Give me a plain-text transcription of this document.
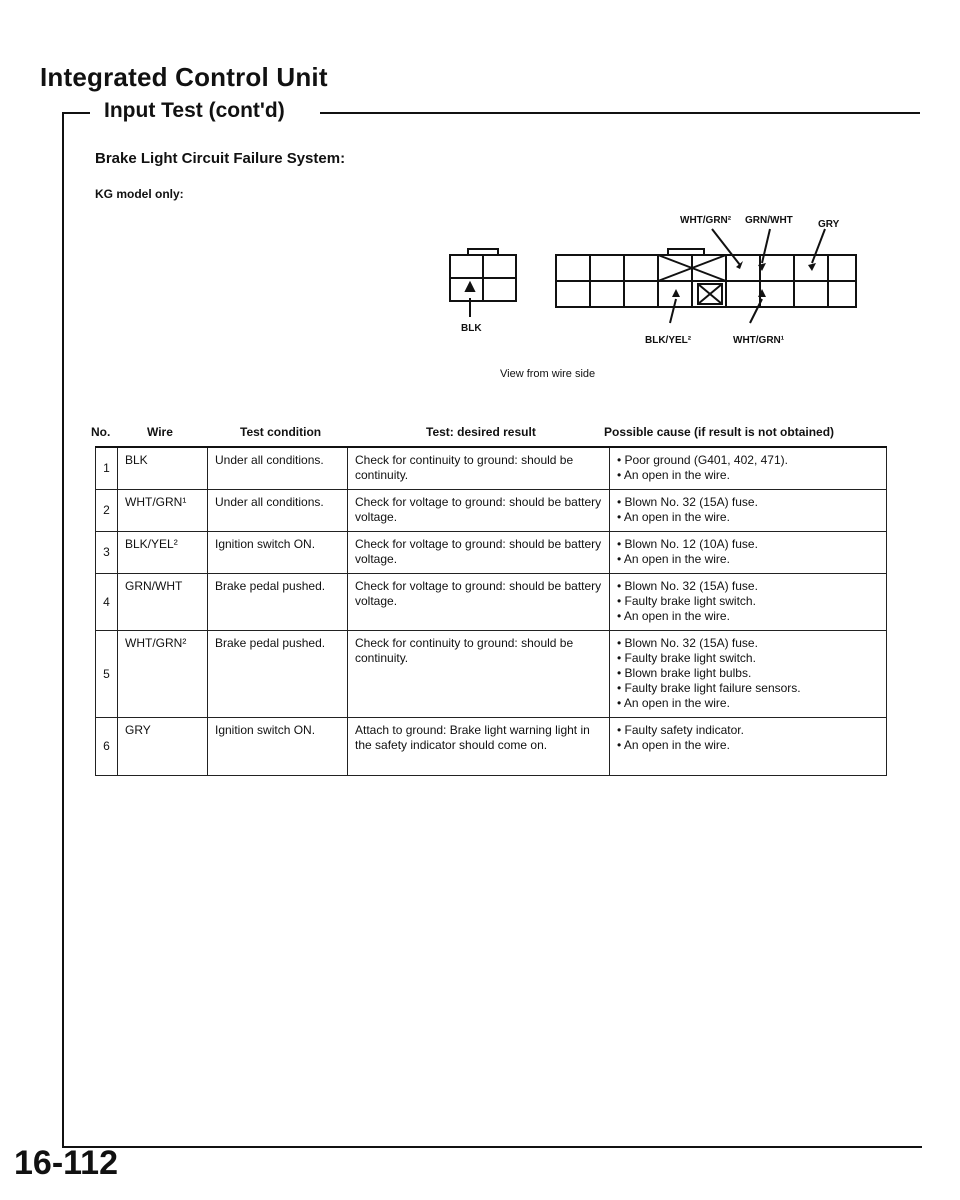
Integrated Control Unit
Input Test (cont'd)
Brake Light Circuit Failure System:
KG model only:
WHT/GRN² GRN/WHT	GRY
BLK
BLK/YEL²	WHT/GRN¹
View from wire side
No.	Wire	Test condition	Test: desired result	Possible cause (if result is not obtained)
1	BLK	Under all conditions.	Check for continuity to ground: should be continuity.	• Poor ground (G401, 402, 471).
• An open in the wire.

2	WHT/GRN¹	Under all conditions.	Check for voltage to ground: should be battery voltage.	• Blown No. 32 (15A) fuse.
• An open in the wire.

3	BLK/YEL²	Ignition switch ON.	Check for voltage to ground: should be battery voltage.	• Blown No. 12 (10A) fuse.
• An open in the wire.

4	GRN/WHT	Brake pedal pushed.	Check for voltage to ground: should be battery voltage.	• Blown No. 32 (15A) fuse.
• Faulty brake light switch.
• An open in the wire.

5	WHT/GRN²	Brake pedal pushed.	Check for continuity to ground: should be continuity.	• Blown No. 32 (15A) fuse.
• Faulty brake light switch.
• Blown brake light bulbs.
• Faulty brake light failure sensors.
• An open in the wire.

6	GRY	Ignition switch ON.	Attach to ground: Brake light warning light in the safety indicator should come on.	• Faulty safety indicator.
• An open in the wire.
16-112
